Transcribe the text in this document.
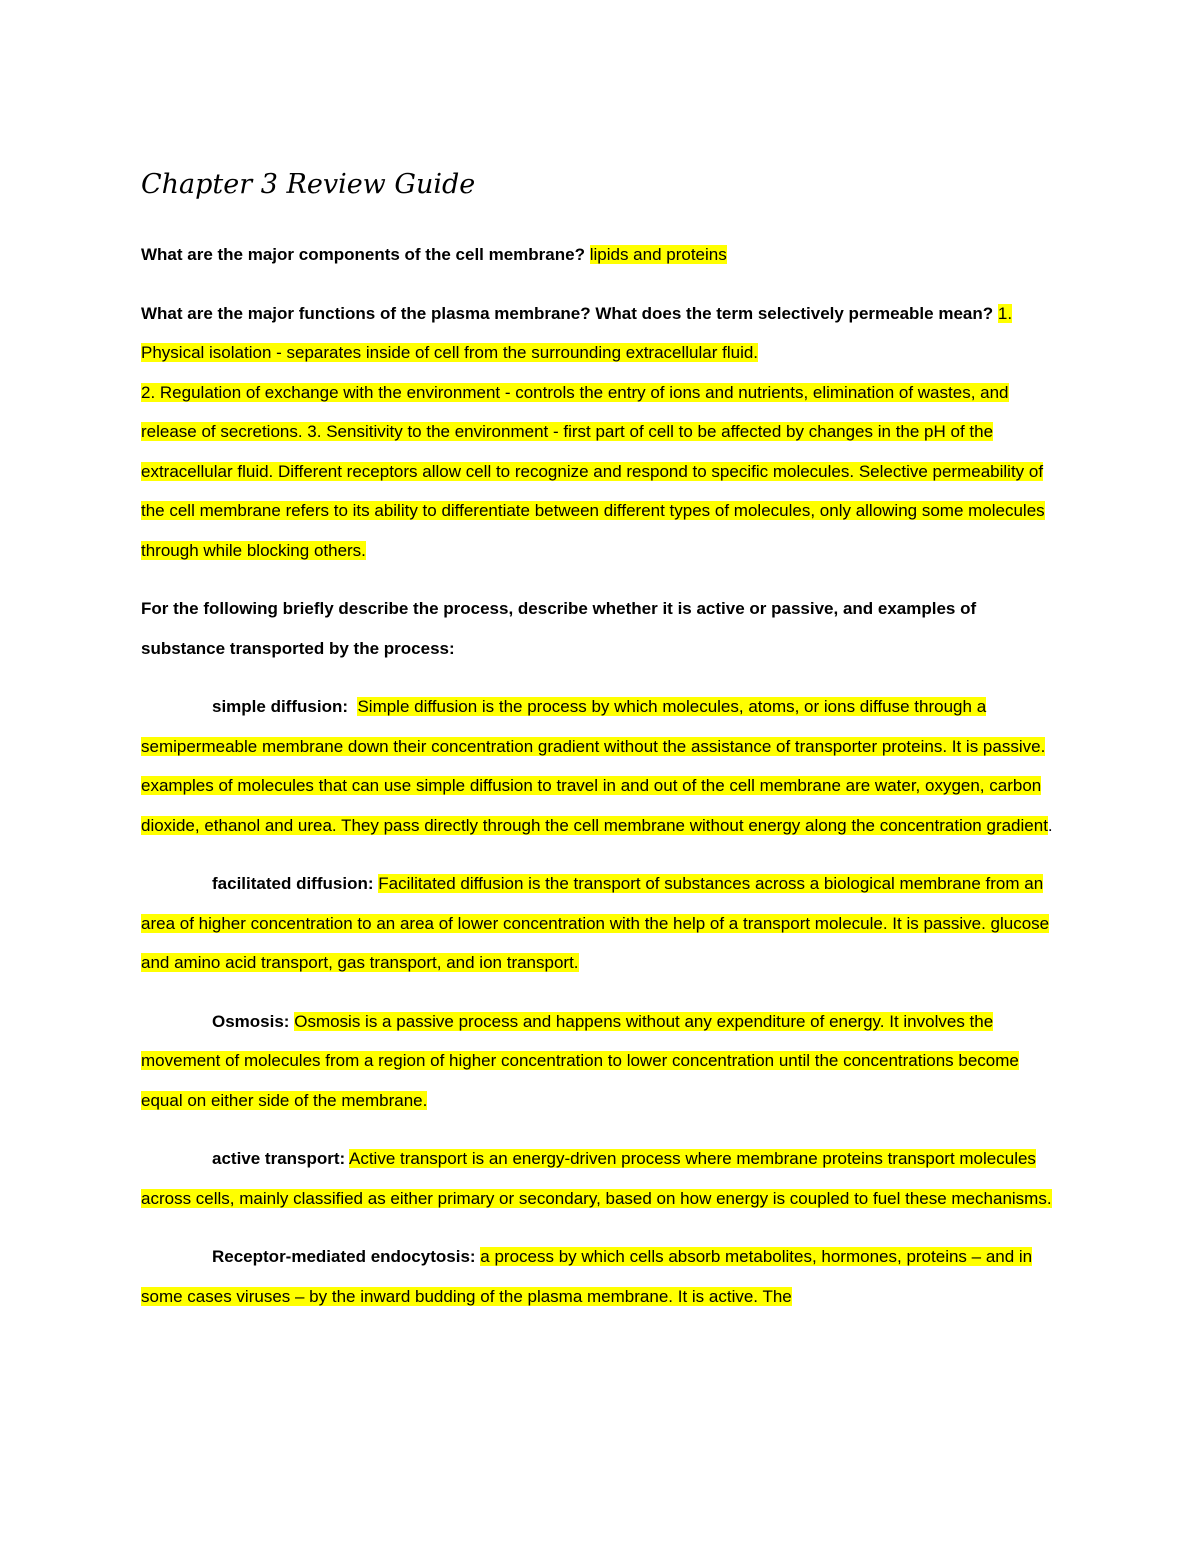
Chapter 3 Review Guide

What are the major components of the cell membrane? lipids and proteins

What are the major functions of the plasma membrane? What does the term selectively permeable mean? 1. Physical isolation - separates inside of cell from the surrounding extracellular fluid.
2. Regulation of exchange with the environment - controls the entry of ions and nutrients, elimination of wastes, and release of secretions. 3. Sensitivity to the environment - first part of cell to be affected by changes in the pH of the extracellular fluid. Different receptors allow cell to recognize and respond to specific molecules. Selective permeability of the cell membrane refers to its ability to differentiate between different types of molecules, only allowing some molecules through while blocking others.

For the following briefly describe the process, describe whether it is active or passive, and examples of substance transported by the process:

simple diffusion: Simple diffusion is the process by which molecules, atoms, or ions diffuse through a semipermeable membrane down their concentration gradient without the assistance of transporter proteins. It is passive. examples of molecules that can use simple diffusion to travel in and out of the cell membrane are water, oxygen, carbon dioxide, ethanol and urea. They pass directly through the cell membrane without energy along the concentration gradient.

facilitated diffusion: Facilitated diffusion is the transport of substances across a biological membrane from an area of higher concentration to an area of lower concentration with the help of a transport molecule. It is passive. glucose and amino acid transport, gas transport, and ion transport.

Osmosis: Osmosis is a passive process and happens without any expenditure of energy. It involves the movement of molecules from a region of higher concentration to lower concentration until the concentrations become equal on either side of the membrane.

active transport: Active transport is an energy-driven process where membrane proteins transport molecules across cells, mainly classified as either primary or secondary, based on how energy is coupled to fuel these mechanisms.

Receptor-mediated endocytosis: a process by which cells absorb metabolites, hormones, proteins – and in some cases viruses – by the inward budding of the plasma membrane. It is active. The
